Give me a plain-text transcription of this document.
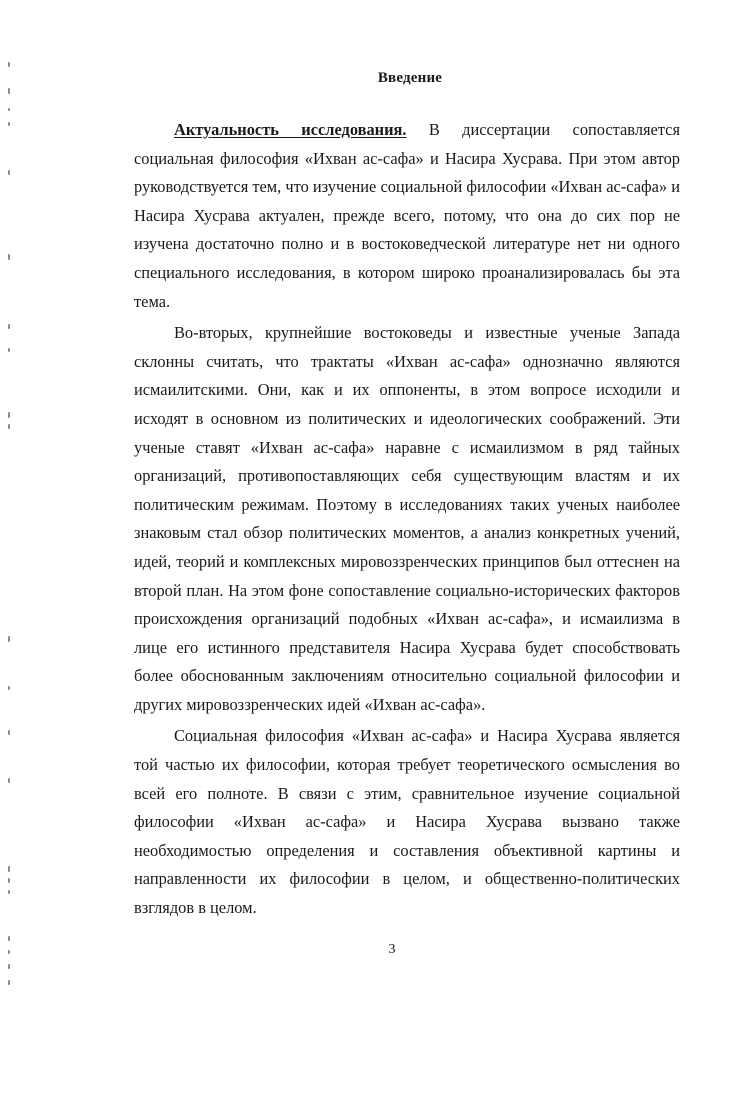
Введение

Актуальность исследования. В диссертации сопоставляется социальная философия «Ихван ас-сафа» и Насира Хусрава. При этом автор руководствуется тем, что изучение социальной философии «Ихван ас-сафа» и Насира Хусрава актуален, прежде всего, потому, что она до сих пор не изучена достаточно полно и в востоковедческой литературе нет ни одного специального исследования, в котором широко проанализировалась бы эта тема.

Во-вторых, крупнейшие востоковеды и известные ученые Запада склонны считать, что трактаты «Ихван ас-сафа» однозначно являются исмаилитскими. Они, как и их оппоненты, в этом вопросе исходили и исходят в основном из политических и идеологических соображений. Эти ученые ставят «Ихван ас-сафа» наравне с исмаилизмом в ряд тайных организаций, противопоставляющих себя существующим властям и их политическим режимам. Поэтому в исследованиях таких ученых наиболее знаковым стал обзор политических моментов, а анализ конкретных учений, идей, теорий и комплексных мировоззренческих принципов был оттеснен на второй план. На этом фоне сопоставление социально-исторических факторов происхождения организаций подобных «Ихван ас-сафа», и исмаилизма в лице его истинного представителя Насира Хусрава будет способствовать более обоснованным заключениям относительно социальной философии и других мировоззренческих идей «Ихван ас-сафа».

Социальная философия «Ихван ас-сафа» и Насира Хусрава является той частью их философии, которая требует теоретического осмысления во всей его полноте. В связи с этим, сравнительное изучение социальной философии «Ихван ас-сафа» и Насира Хусрава вызвано также необходимостью определения и составления объективной картины и направленности их философии в целом, и общественно-политических взглядов в целом.

3
